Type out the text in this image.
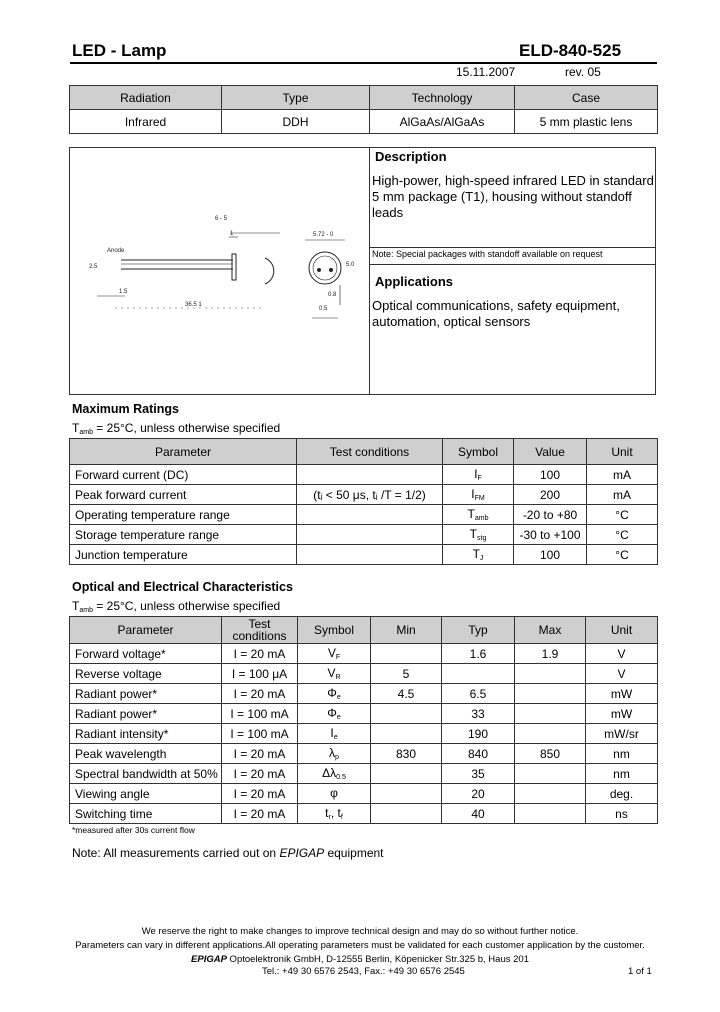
LED - Lamp	ELD-840-525
15.11.2007	rev. 05
Radiation	Type	Technology	Case
Infrared	DDH	AlGaAs/AlGaAs	5 mm plastic lens
6 - 5
1	5.72 - 0
Anode
2.5	5.0
1.5
36.5 1
0.8
0.5
Description
High-power, high-speed infrared LED in standard
5 mm package (T1), housing without standoff
leads
Note: Special packages with standoff available on request
Applications
Optical communications, safety equipment,
automation, optical sensors
Maximum Ratings
$T_{amb} = 25^\circ C$, unless otherwise specified
Parameter	Test conditions	Symbol	Value	Unit
Forward current (DC)		$I_F$	100	mA
Peak forward current	(tᵢ < 50 μs, tᵢ /T = 1/2)	$I_{FM}$	200	mA
Operating temperature range		$T_{amb}$	-20 to +80	°C
Storage temperature range		$T_{stg}$	-30 to +100	°C
Junction temperature		$T_J$	100	°C
Optical and Electrical Characteristics
$T_{amb} = 25^\circ C$, unless otherwise specified
Parameter	Test conditions	Symbol	Min	Typ	Max	Unit
Forward voltage*	I = 20 mA	$V_F$		1.6	1.9	V
Reverse voltage	I = 100 μA	$V_R$	5			V
Radiant power*	I = 20 mA	$\Phi_e$	4.5	6.5		mW
Radiant power*	I = 100 mA	$\Phi_e$		33		mW
Radiant intensity*	I = 100 mA	$I_e$		190		mW/sr
Peak wavelength	I = 20 mA	$\lambda_p$	830	840	850	nm
Spectral bandwidth at 50%	I = 20 mA	$\Delta\lambda_{0.5}$		35		nm
Viewing angle	I = 20 mA	φ		20		deg.
Switching time	I = 20 mA	$t_r$, $t_f$		40		ns
*measured after 30s current flow
Note: All measurements carried out on EPIGAP equipment
We reserve the right to make changes to improve technical design and may do so without further notice.
Parameters can vary in different applications.All operating parameters must be validated for each customer application by the customer.
EPIGAP Optoelektronik GmbH, D-12555 Berlin, Köpenicker Str.325 b, Haus 201
Tel.: +49 30 6576 2543, Fax.: +49 30 6576 2545	1 of 1
